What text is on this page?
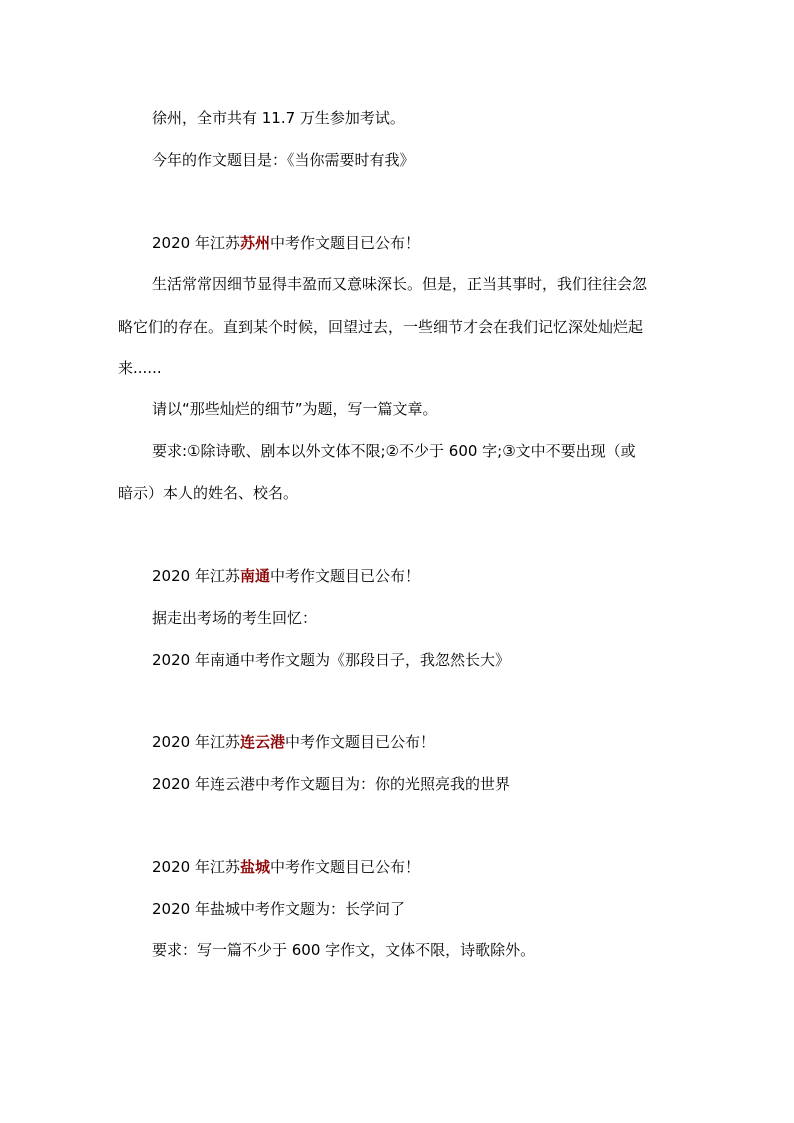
徐州，全市共有 11.7 万生参加考试。
今年的作文题目是：《当你需要时有我》
2020 年江苏苏州中考作文题目已公布！
生活常常因细节显得丰盈而又意味深长。但是，正当其事时，我们往往会忽
略它们的存在。直到某个时候，回望过去，一些细节才会在我们记忆深处灿烂起
来......
请以“那些灿烂的细节”为题，写一篇文章。
要求:①除诗歌、剧本以外文体不限;②不少于 600 字;③文中不要出现（或
暗示）本人的姓名、校名。
2020 年江苏南通中考作文题目已公布！
据走出考场的考生回忆：
2020 年南通中考作文题为《那段日子，我忽然长大》
2020 年江苏连云港中考作文题目已公布！
2020 年连云港中考作文题目为：你的光照亮我的世界
2020 年江苏盐城中考作文题目已公布！
2020 年盐城中考作文题为：长学问了
要求：写一篇不少于 600 字作文，文体不限，诗歌除外。
